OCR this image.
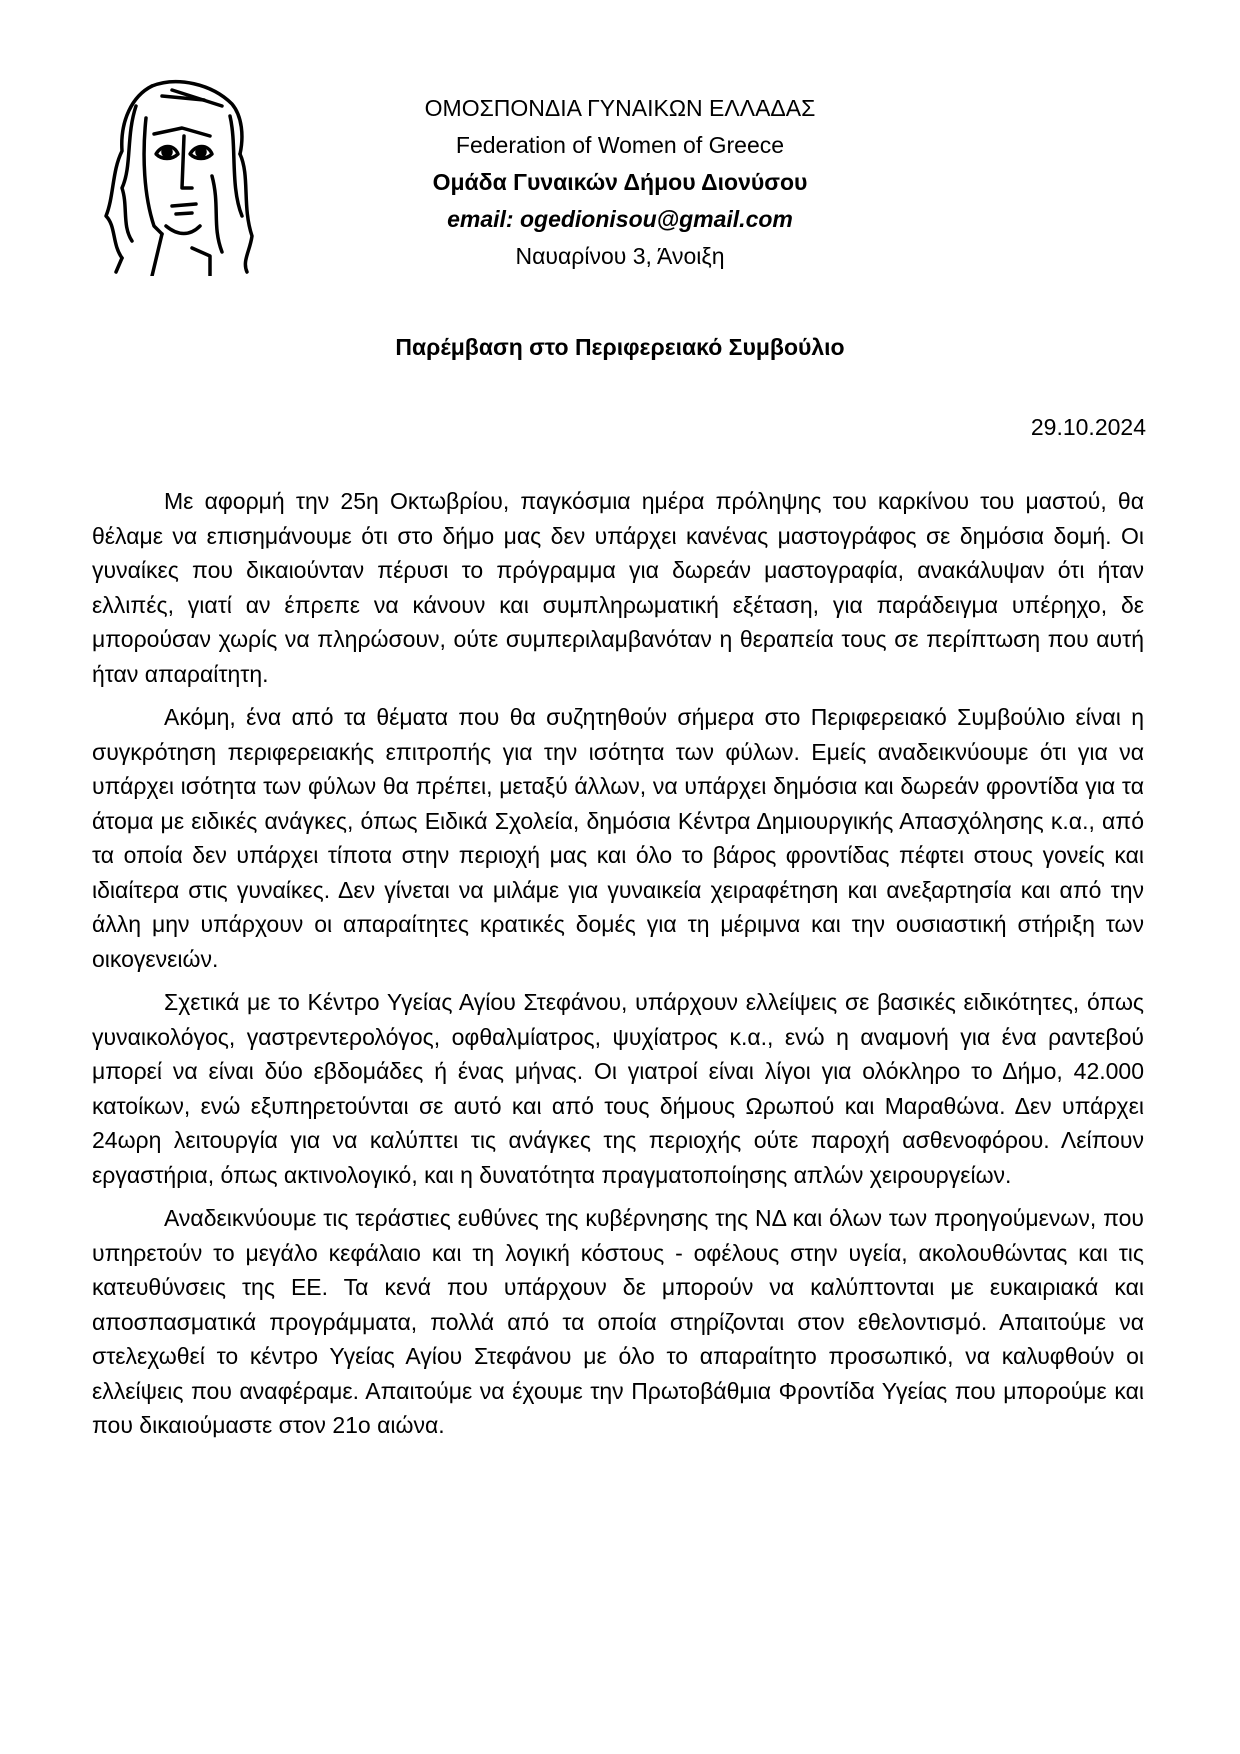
ΟΜΟΣΠΟΝΔΙΑ ΓΥΝΑΙΚΩΝ ΕΛΛΑΔΑΣ
Federation of Women of Greece
Ομάδα Γυναικών Δήμου Διονύσου
email: ogedionisou@gmail.com
Ναυαρίνου 3, Άνοιξη
Παρέμβαση στο Περιφερειακό Συμβούλιο
29.10.2024

Με αφορμή την 25η Οκτωβρίου, παγκόσμια ημέρα πρόληψης του καρκίνου του μαστού, θα θέλαμε να επισημάνουμε ότι στο δήμο μας δεν υπάρχει κανένας μαστογράφος σε δημόσια δομή. Οι γυναίκες που δικαιούνταν πέρυσι το πρόγραμμα για δωρεάν μαστογραφία, ανακάλυψαν ότι ήταν ελλιπές, γιατί αν έπρεπε να κάνουν και συμπληρωματική εξέταση, για παράδειγμα υπέρηχο, δε μπορούσαν χωρίς να πληρώσουν, ούτε συμπεριλαμβανόταν η θεραπεία τους σε περίπτωση που αυτή ήταν απαραίτητη.

Ακόμη, ένα από τα θέματα που θα συζητηθούν σήμερα στο Περιφερειακό Συμβούλιο είναι η συγκρότηση περιφερειακής επιτροπής για την ισότητα των φύλων. Εμείς αναδεικνύουμε ότι για να υπάρχει ισότητα των φύλων θα πρέπει, μεταξύ άλλων, να υπάρχει δημόσια και δωρεάν φροντίδα για τα άτομα με ειδικές ανάγκες, όπως Ειδικά Σχολεία, δημόσια Κέντρα Δημιουργικής Απασχόλησης κ.α., από τα οποία δεν υπάρχει τίποτα στην περιοχή μας και όλο το βάρος φροντίδας πέφτει στους γονείς και ιδιαίτερα στις γυναίκες. Δεν γίνεται να μιλάμε για γυναικεία χειραφέτηση και ανεξαρτησία και από την άλλη μην υπάρχουν οι απαραίτητες κρατικές δομές για τη μέριμνα και την ουσιαστική στήριξη των οικογενειών.

Σχετικά με το Κέντρο Υγείας Αγίου Στεφάνου, υπάρχουν ελλείψεις σε βασικές ειδικότητες, όπως γυναικολόγος, γαστρεντερολόγος, οφθαλμίατρος, ψυχίατρος κ.α., ενώ η αναμονή για ένα ραντεβού μπορεί να είναι δύο εβδομάδες ή ένας μήνας. Οι γιατροί είναι λίγοι για ολόκληρο το Δήμο, 42.000 κατοίκων, ενώ εξυπηρετούνται σε αυτό και από τους δήμους Ωρωπού και Μαραθώνα. Δεν υπάρχει 24ωρη λειτουργία για να καλύπτει τις ανάγκες της περιοχής ούτε παροχή ασθενοφόρου. Λείπουν εργαστήρια, όπως ακτινολογικό, και η δυνατότητα πραγματοποίησης απλών χειρουργείων.

Αναδεικνύουμε τις τεράστιες ευθύνες της κυβέρνησης της ΝΔ και όλων των προηγούμενων, που υπηρετούν το μεγάλο κεφάλαιο και τη λογική κόστους - οφέλους στην υγεία, ακολουθώντας και τις κατευθύνσεις της ΕΕ. Τα κενά που υπάρχουν δε μπορούν να καλύπτονται με ευκαιριακά και αποσπασματικά προγράμματα, πολλά από τα οποία στηρίζονται στον εθελοντισμό. Απαιτούμε να στελεχωθεί το κέντρο Υγείας Αγίου Στεφάνου με όλο το απαραίτητο προσωπικό, να καλυφθούν οι ελλείψεις που αναφέραμε. Απαιτούμε να έχουμε την Πρωτοβάθμια Φροντίδα Υγείας που μπορούμε και που δικαιούμαστε στον 21ο αιώνα.
